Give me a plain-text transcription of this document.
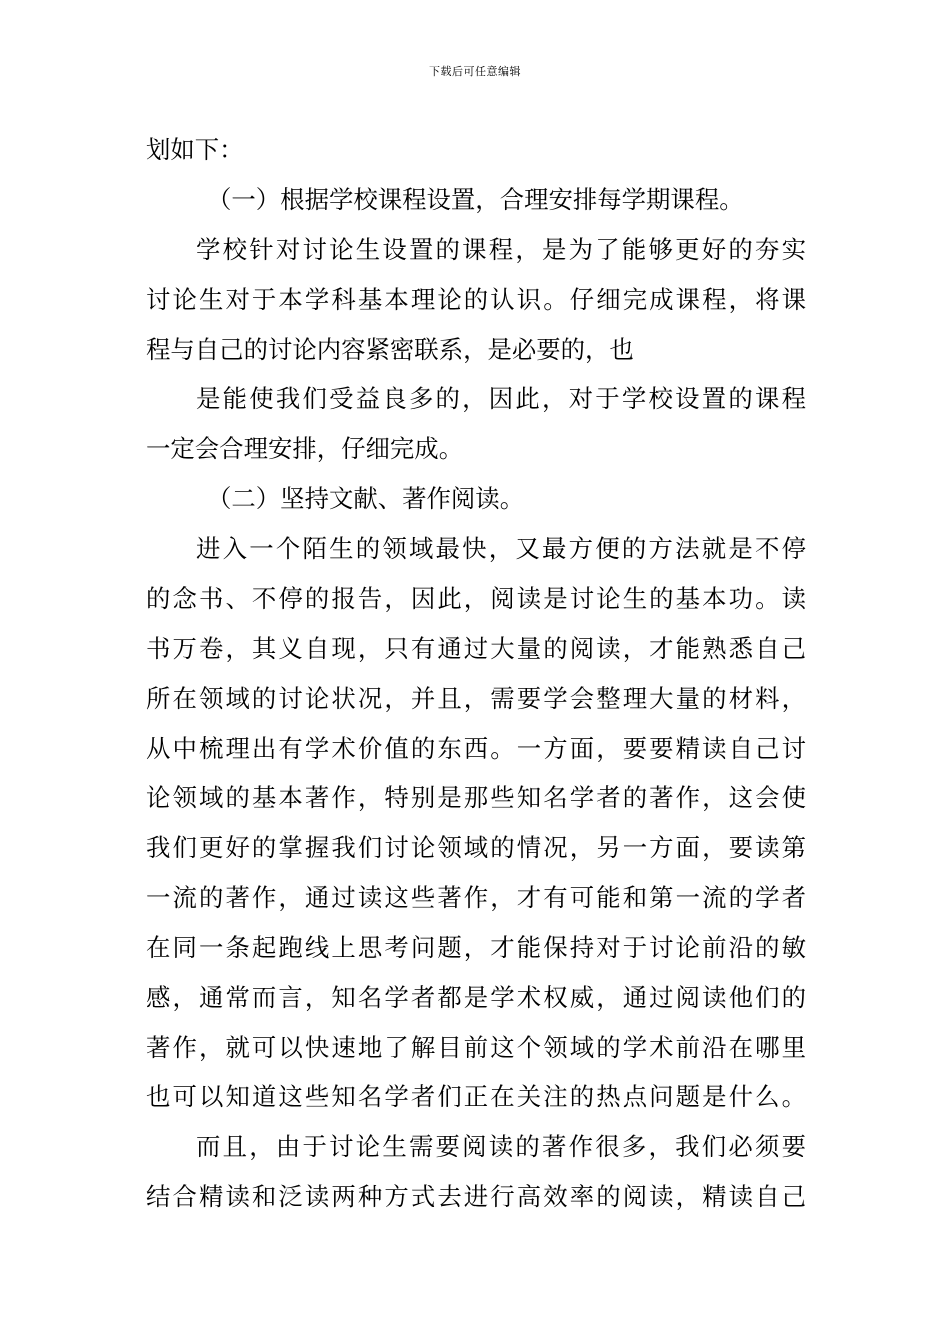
下载后可任意编辑
划如下：
（一）根据学校课程设置，合理安排每学期课程。
学校针对讨论生设置的课程，是为了能够更好的夯实
讨论生对于本学科基本理论的认识。仔细完成课程，将课
程与自己的讨论内容紧密联系，是必要的，也
是能使我们受益良多的，因此，对于学校设置的课程
一定会合理安排，仔细完成。
（二）坚持文献、著作阅读。
进入一个陌生的领域最快，又最方便的方法就是不停
的念书、不停的报告，因此，阅读是讨论生的基本功。读
书万卷，其义自现，只有通过大量的阅读，才能熟悉自己
所在领域的讨论状况，并且，需要学会整理大量的材料，
从中梳理出有学术价值的东西。一方面，要要精读自己讨
论领域的基本著作，特别是那些知名学者的著作，这会使
我们更好的掌握我们讨论领域的情况，另一方面，要读第
一流的著作，通过读这些著作，才有可能和第一流的学者
在同一条起跑线上思考问题，才能保持对于讨论前沿的敏
感，通常而言，知名学者都是学术权威，通过阅读他们的
著作，就可以快速地了解目前这个领域的学术前沿在哪里
也可以知道这些知名学者们正在关注的热点问题是什么。
而且，由于讨论生需要阅读的著作很多，我们必须要
结合精读和泛读两种方式去进行高效率的阅读，精读自己
